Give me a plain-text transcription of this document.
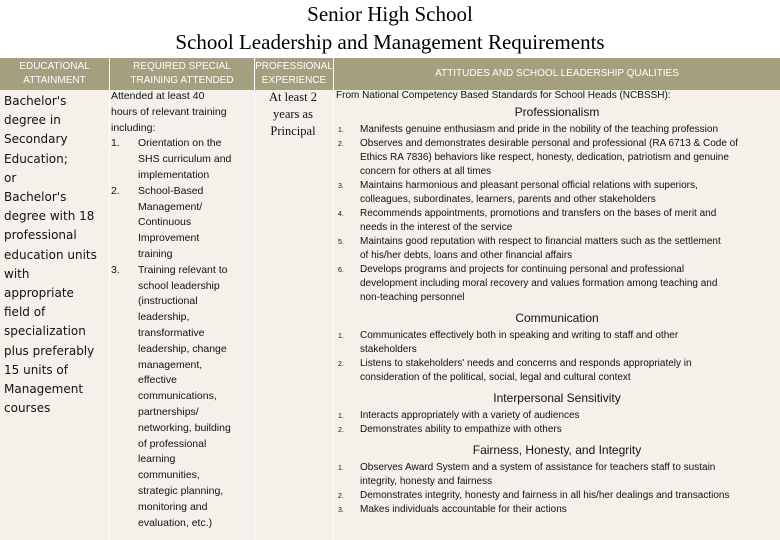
Senior High School
School Leadership and Management Requirements
EDUCATIONAL
ATTAINMENT
REQUIRED SPECIAL
TRAINING ATTENDED
PROFESSIONAL
EXPERIENCE
ATTITUDES AND SCHOOL LEADERSHIP QUALITIES
Bachelor's
degree in
Secondary
Education;
or
Bachelor's
degree with 18
professional
education units
with
appropriate
field of
specialization
plus preferably
15 units of
Management
courses
Attended at least 40
hours of relevant training
including:
1. Orientation on the
SHS curriculum and
implementation
2. School-Based
Management/
Continuous
Improvement
training
3. Training relevant to
school leadership
(instructional
leadership,
transformative
leadership, change
management,
effective
communications,
partnerships/
networking, building
of professional
learning
communities,
strategic planning,
monitoring and
evaluation, etc.)
At least 2
years as
Principal
From National Competency Based Standards for School Heads (NCBSSH):
Professionalism
1. Manifests genuine enthusiasm and pride in the nobility of the teaching profession
2. Observes and demonstrates desirable personal and professional (RA 6713 & Code of
Ethics RA 7836) behaviors like respect, honesty, dedication, patriotism and genuine
concern for others at all times
3. Maintains harmonious and pleasant personal official relations with superiors,
colleagues, subordinates, learners, parents and other stakeholders
4. Recommends appointments, promotions and transfers on the bases of merit and
needs in the interest of the service
5. Maintains good reputation with respect to financial matters such as the settlement
of his/her debts, loans and other financial affairs
6. Develops programs and projects for continuing personal and professional
development including moral recovery and values formation among teaching and
non-teaching personnel
Communication
1. Communicates effectively both in speaking and writing to staff and other
stakeholders
2. Listens to stakeholders' needs and concerns and responds appropriately in
consideration of the political, social, legal and cultural context
Interpersonal Sensitivity
1. Interacts appropriately with a variety of audiences
2. Demonstrates ability to empathize with others
Fairness, Honesty, and Integrity
1. Observes Award System and a system of assistance for teachers staff to sustain
integrity, honesty and fairness
2. Demonstrates integrity, honesty and fairness in all his/her dealings and transactions
3. Makes individuals accountable for their actions
